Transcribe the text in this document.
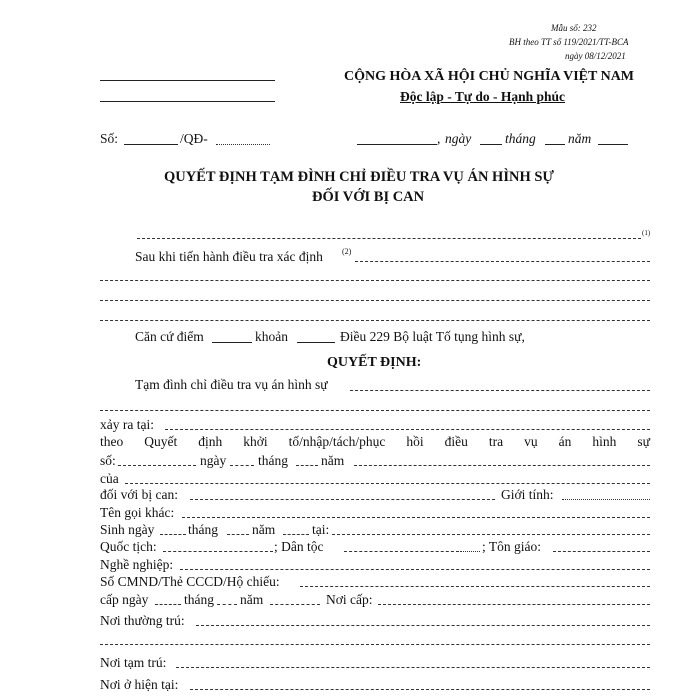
Mẫu số: 232
BH theo TT số 119/2021/TT-BCA
ngày 08/12/2021
CỘNG HÒA XÃ HỘI CHỦ NGHĨA VIỆT NAM
Độc lập - Tự do - Hạnh phúc
Số:	/QĐ-	, ngày	tháng năm
QUYẾT ĐỊNH TẠM ĐÌNH CHỈ ĐIỀU TRA VỤ ÁN HÌNH SỰ
ĐỐI VỚI BỊ CAN
(1)
Sau khi tiến hành điều tra xác định (2)
Căn cứ điểm	khoản	Điều 229 Bộ luật Tố tụng hình sự,
QUYẾT ĐỊNH:
Tạm đình chỉ điều tra vụ án hình sự
xảy ra tại:
theo Quyết định khởi tố/nhập/tách/phục hồi điều tra vụ án hình sự
số:	ngày tháng năm
của
đối với bị can:	Giới tính:
Tên gọi khác:
Sinh ngày tháng	năm	tại:
Quốc tịch:	; Dân tộc	; Tôn giáo:
Nghề nghiệp:
Số CMND/Thẻ CCCD/Hộ chiếu:
cấp ngày	tháng năm	Nơi cấp:
Nơi thường trú:
Nơi tạm trú:
Nơi ở hiện tại:
